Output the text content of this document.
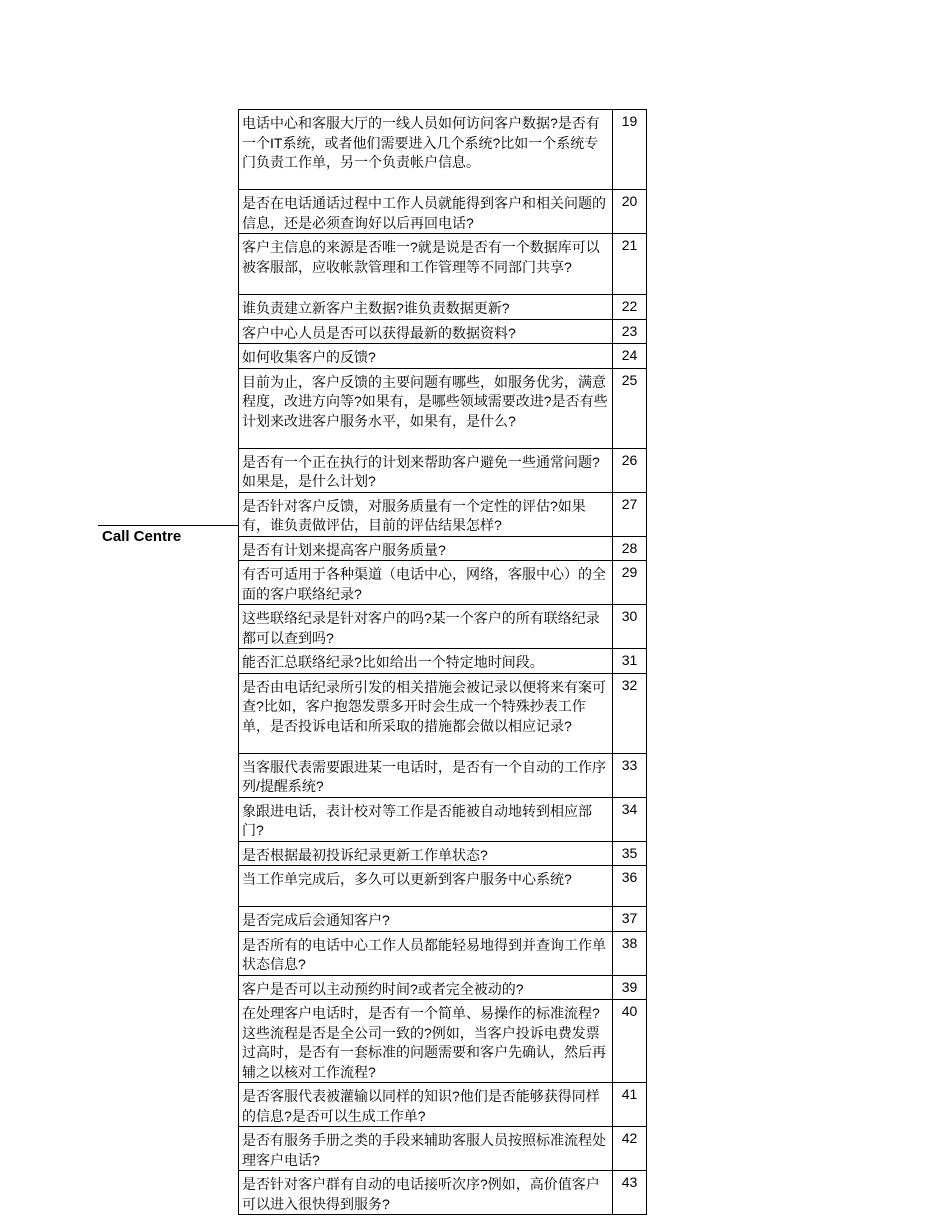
Call Centre
电话中心和客服大厅的一线人员如何访问客户数据?是否有一个IT系统，或者他们需要进入几个系统?比如一个系统专门负责工作单，另一个负责帐户信息。	19

是否在电话通话过程中工作人员就能得到客户和相关问题的信息，还是必须查询好以后再回电话?	20

客户主信息的来源是否唯一?就是说是否有一个数据库可以被客服部，应收帐款管理和工作管理等不同部门共享?	21

谁负责建立新客户主数据?谁负责数据更新?	22

客户中心人员是否可以获得最新的数据资料?	23

如何收集客户的反馈?	24

目前为止，客户反馈的主要问题有哪些，如服务优劣，满意程度，改进方向等?如果有，是哪些领域需要改进?是否有些计划来改进客户服务水平，如果有，是什么?	25

是否有一个正在执行的计划来帮助客户避免一些通常问题?如果是，是什么计划?	26

是否针对客户反馈，对服务质量有一个定性的评估?如果有，谁负责做评估，目前的评估结果怎样?	27

是否有计划来提高客户服务质量?	28

有否可适用于各种渠道（电话中心，网络，客服中心）的全面的客户联络纪录?	29

这些联络纪录是针对客户的吗?某一个客户的所有联络纪录都可以查到吗?	30

能否汇总联络纪录?比如给出一个特定地时间段。	31

是否由电话纪录所引发的相关措施会被记录以便将来有案可查?比如，客户抱怨发票多开时会生成一个特殊抄表工作单，是否投诉电话和所采取的措施都会做以相应记录?	32

当客服代表需要跟进某一电话时，是否有一个自动的工作序列/提醒系统?	33

象跟进电话，表计校对等工作是否能被自动地转到相应部门?	34

是否根据最初投诉纪录更新工作单状态?	35

当工作单完成后，多久可以更新到客户服务中心系统?	36

是否完成后会通知客户?	37

是否所有的电话中心工作人员都能轻易地得到并查询工作单状态信息?	38

客户是否可以主动预约时间?或者完全被动的?	39

在处理客户电话时，是否有一个简单、易操作的标准流程?这些流程是否是全公司一致的?例如，当客户投诉电费发票过高时，是否有一套标准的问题需要和客户先确认，然后再辅之以核对工作流程?	40

是否客服代表被灌输以同样的知识?他们是否能够获得同样的信息?是否可以生成工作单?	41

是否有服务手册之类的手段来辅助客服人员按照标准流程处理客户电话?	42

是否针对客户群有自动的电话接听次序?例如，高价值客户可以进入很快得到服务?	43
